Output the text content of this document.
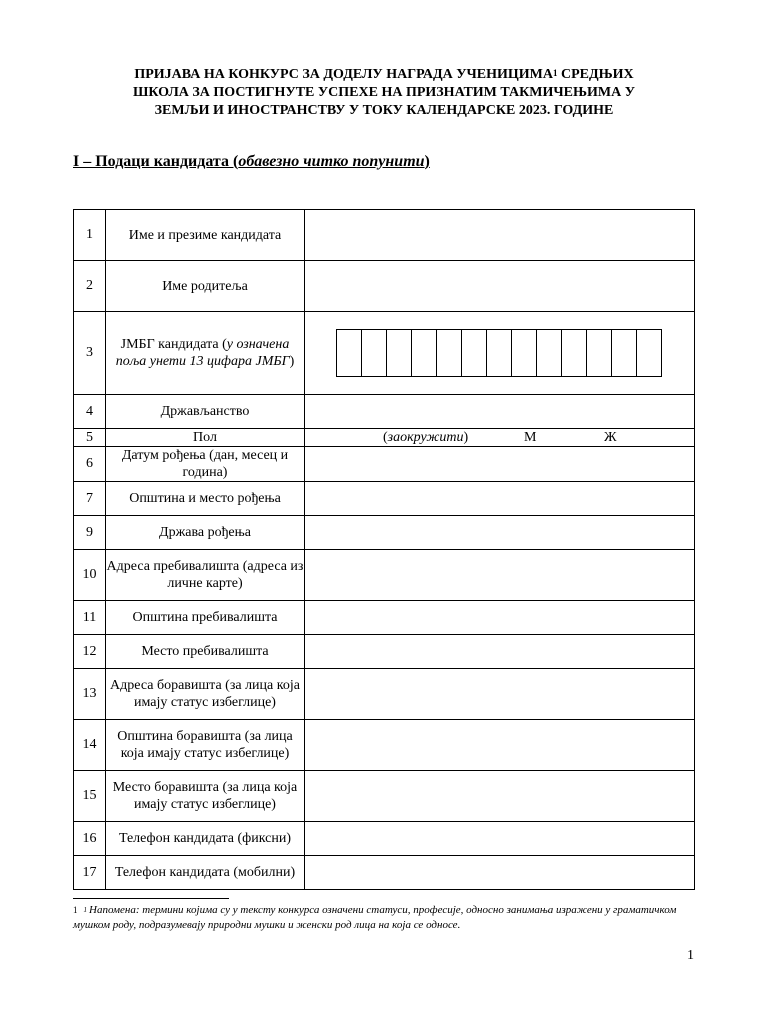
ПРИЈАВА НА КОНКУРС ЗА ДОДЕЛУ НАГРАДА УЧЕНИЦИМА$^1$ СРЕДЊИХ
ШКОЛА ЗА ПОСТИГНУТЕ УСПЕХЕ НА ПРИЗНАТИМ ТАКМИЧЕЊИМА У
ЗЕМЉИ И ИНОСТРАНСТВУ У ТОКУ КАЛЕНДАРСКЕ 2023. ГОДИНЕ
I – Подаци кандидата (обавезно читко попунити)
1	Име и презиме кандидата	
2	Име родитеља	
3	ЈМБГ кандидата (у означена поља унети 13 цифара ЈМБГ)	

4	Држављанство	
5	Пол	(заокружити) М Ж

6	Датум рођења (дан, месец и година)	
7	Општина и место рођења	
9	Држава рођења	
10	Адреса пребивалишта (адреса из личне карте)	
11	Општина пребивалишта	
12	Место пребивалишта	
13	Адреса боравишта (за лица која имају статус избеглице)	
14	Општина боравишта (за лица која имају статус избеглице)	
15	Место боравишта (за лица која имају статус избеглице)	
16	Телефон кандидата (фиксни)	
17	Телефон кандидата (мобилни)	
$^1$ $^1$ Напомена: термини којима су у тексту конкурса означени статуси, професије, односно занимања изражени у граматичком мушком роду, подразумевају природни мушки и женски род лица на која се односе.
1
